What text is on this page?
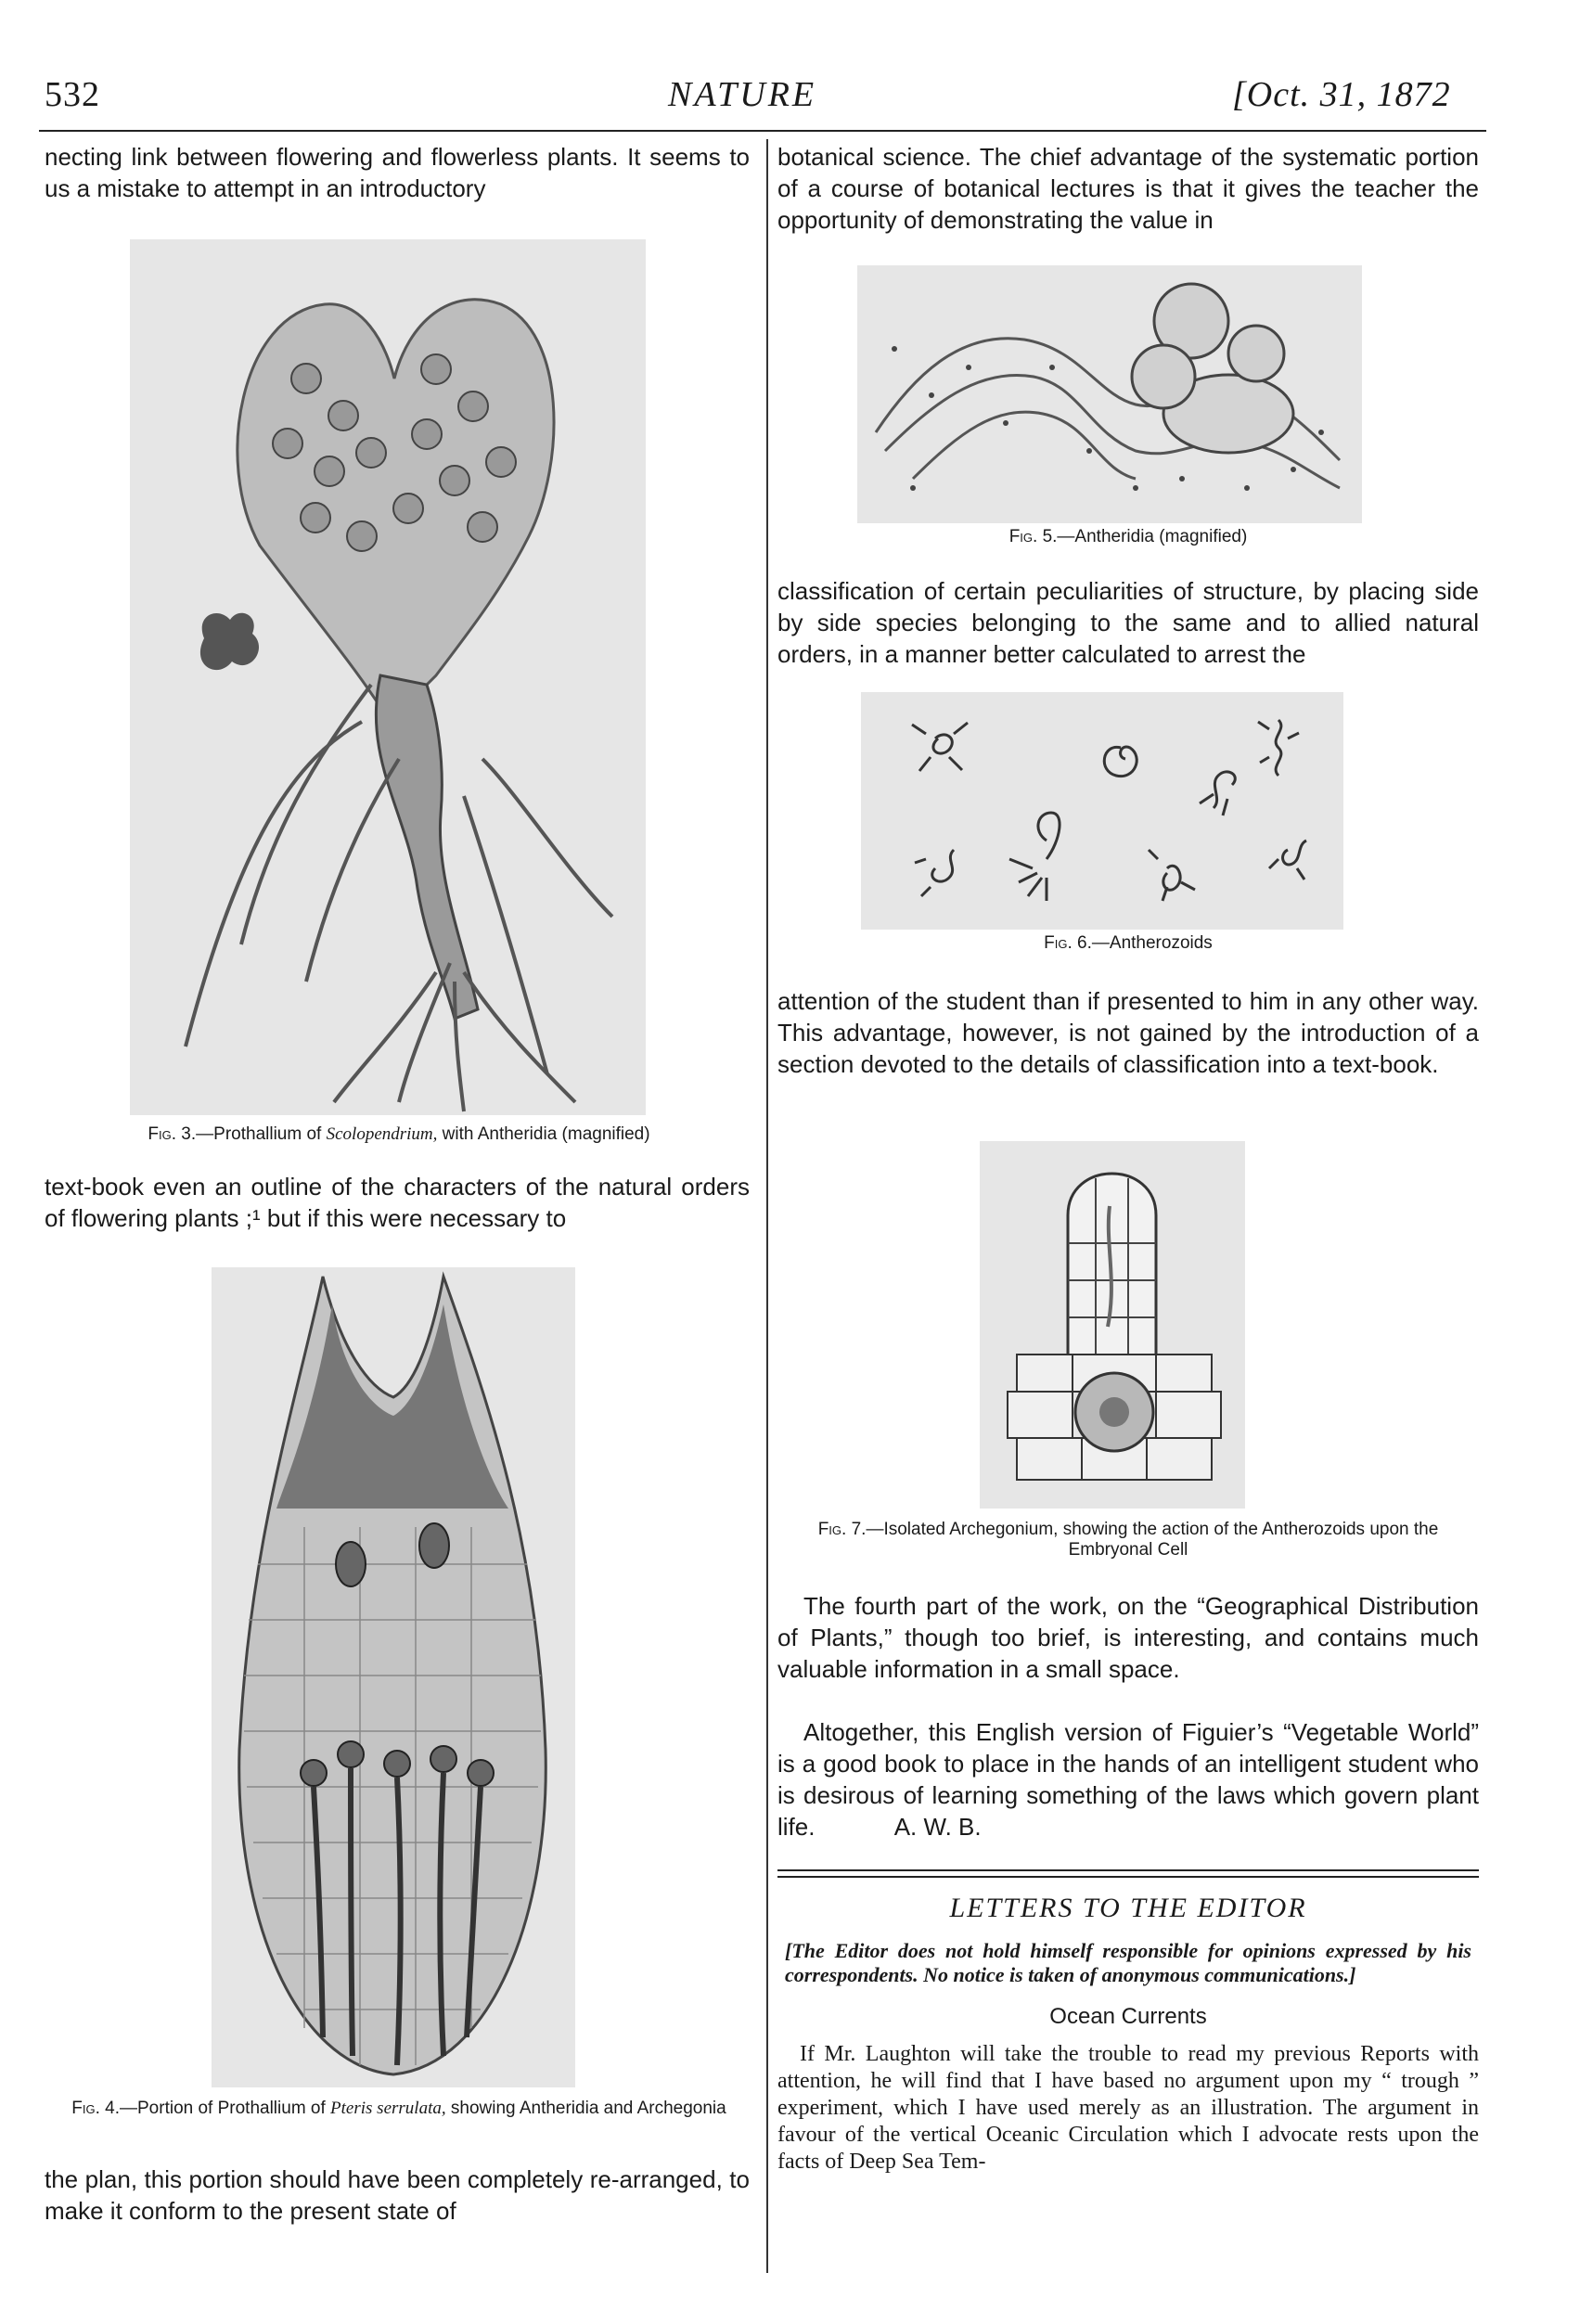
532	NATURE	[Oct. 31, 1872

necting link between flowering and flowerless plants. It seems to us a mistake to attempt in an introductory

Fig. 3.—Prothallium of Scolopendrium, with Antheridia (magnified)

text-book even an outline of the characters of the natural orders of flowering plants ;¹ but if this were necessary to

Fig. 4.—Portion of Prothallium of Pteris serrulata, showing Antheridia and Archegonia

the plan, this portion should have been completely re-arranged, to make it conform to the present state of

botanical science. The chief advantage of the systematic portion of a course of botanical lectures is that it gives the teacher the opportunity of demonstrating the value in

Fig. 5.—Antheridia (magnified)

classification of certain peculiarities of structure, by placing side by side species belonging to the same and to allied natural orders, in a manner better calculated to arrest the

Fig. 6.—Antherozoids

attention of the student than if presented to him in any other way. This advantage, however, is not gained by the introduction of a section devoted to the details of classification into a text-book.

Fig. 7.—Isolated Archegonium, showing the action of the Antherozoids upon the Embryonal Cell

The fourth part of the work, on the “Geographical Distribution of Plants,” though too brief, is interesting, and contains much valuable information in a small space.

Altogether, this English version of Figuier’s “Vegetable World” is a good book to place in the hands of an intelligent student who is desirous of learning something of the laws which govern plant life.	A. W. B.

LETTERS TO THE EDITOR
[The Editor does not hold himself responsible for opinions expressed by his correspondents. No notice is taken of anonymous communications.]
Ocean Currents

If Mr. Laughton will take the trouble to read my previous Reports with attention, he will find that I have based no argument upon my “ trough ” experiment, which I have used merely as an illustration. The argument in favour of the vertical Oceanic Circulation which I advocate rests upon the facts of Deep Sea Tem-
